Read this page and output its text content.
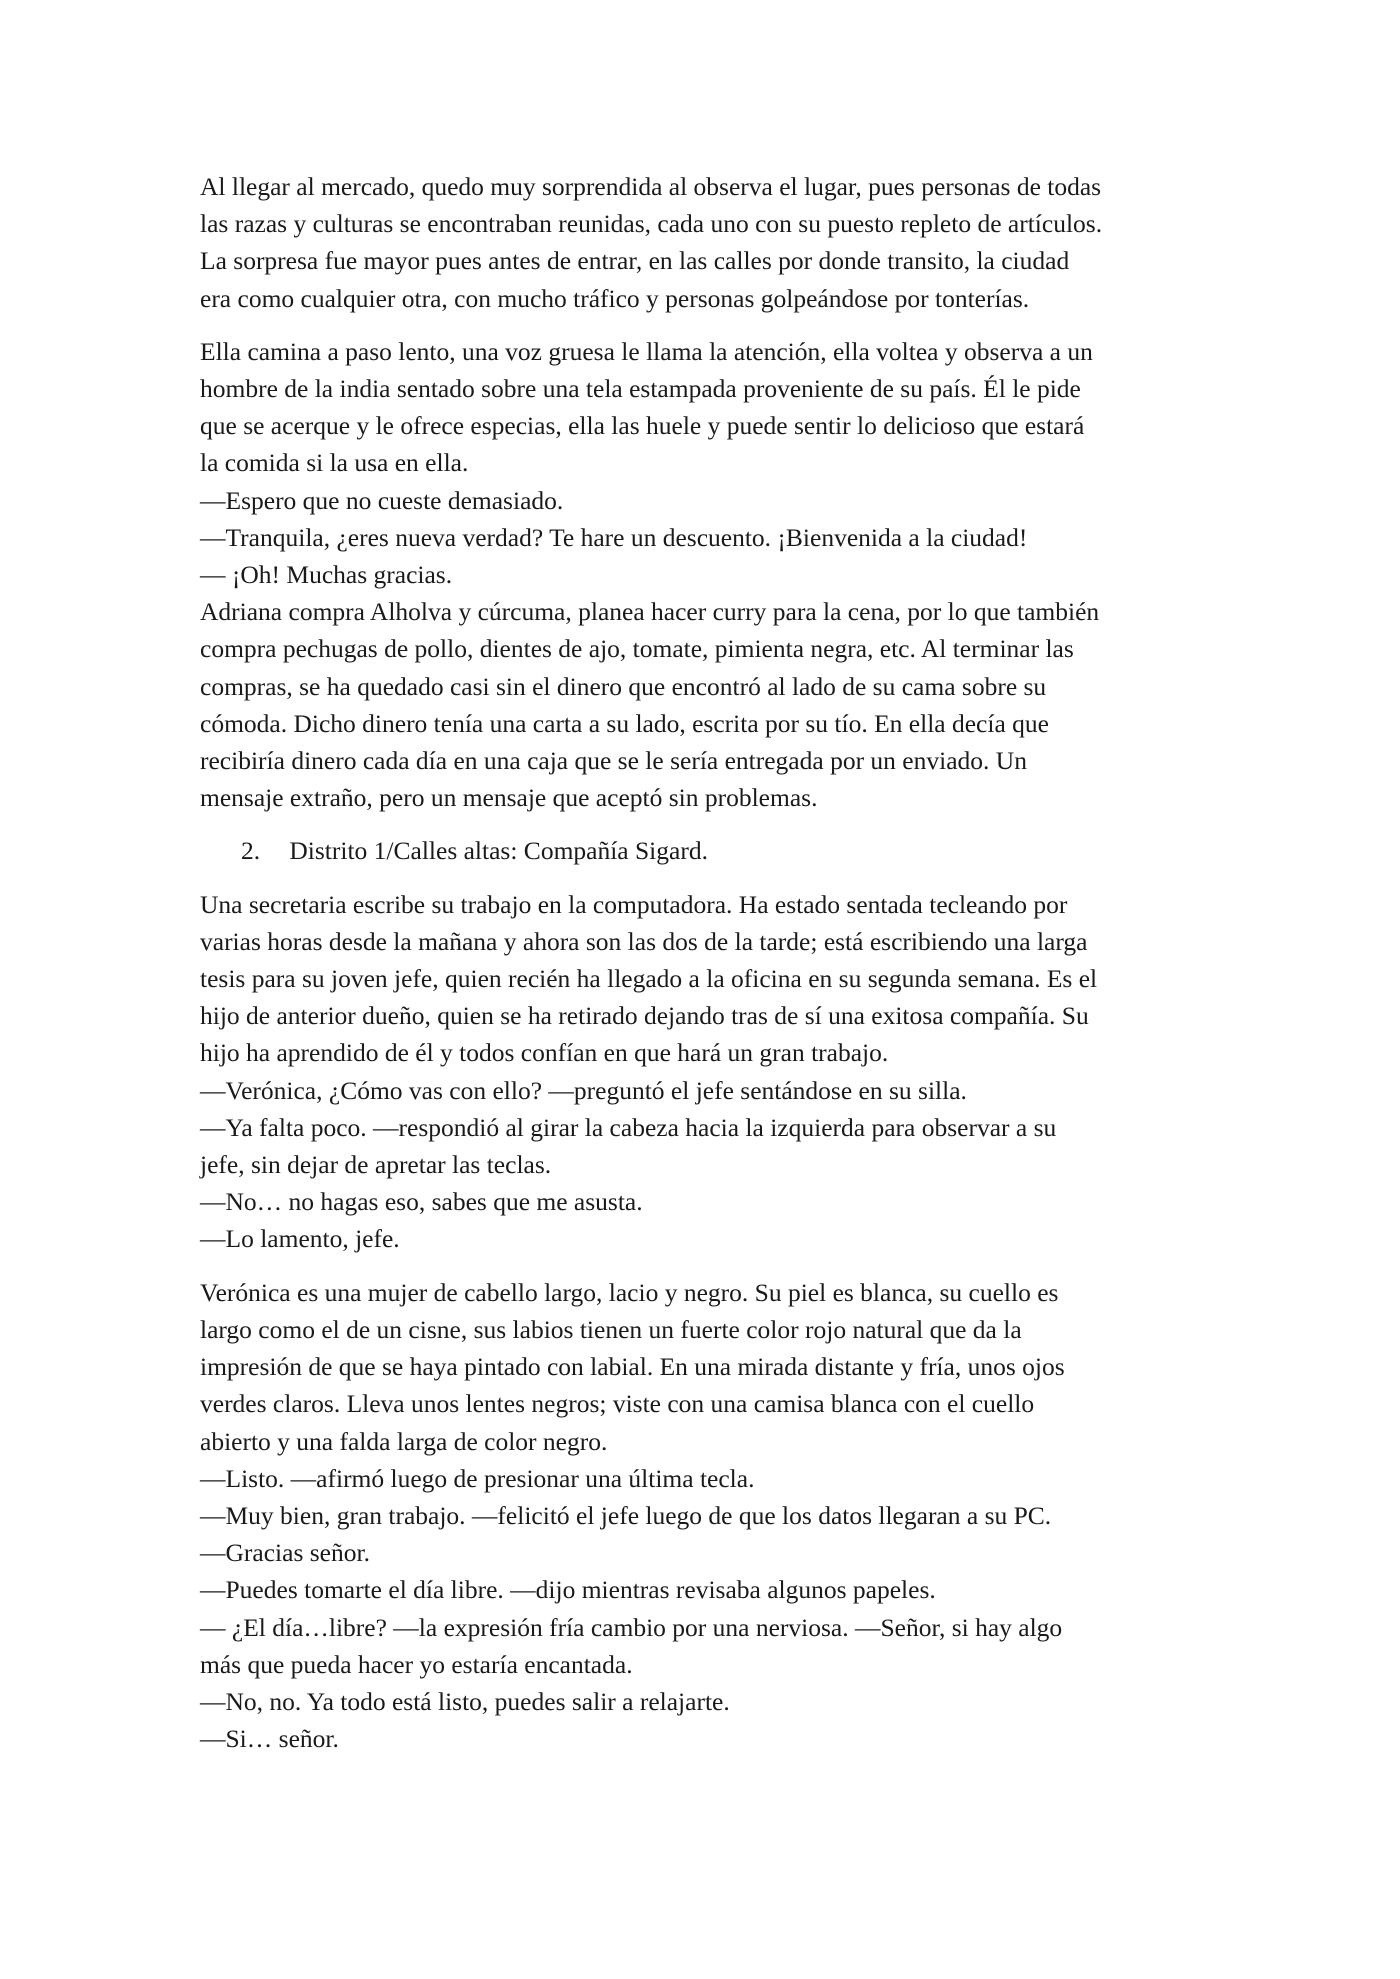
Al llegar al mercado, quedo muy sorprendida al observa el lugar, pues personas de todas
las razas y culturas se encontraban reunidas, cada uno con su puesto repleto de artículos.
La sorpresa fue mayor pues antes de entrar, en las calles por donde transito, la ciudad
era como cualquier otra, con mucho tráfico y personas golpeándose por tonterías.

Ella camina a paso lento, una voz gruesa le llama la atención, ella voltea y observa a un
hombre de la india sentado sobre una tela estampada proveniente de su país. Él le pide
que se acerque y le ofrece especias, ella las huele y puede sentir lo delicioso que estará
la comida si la usa en ella.
—Espero que no cueste demasiado.
—Tranquila, ¿eres nueva verdad? Te hare un descuento. ¡Bienvenida a la ciudad!
— ¡Oh! Muchas gracias.
Adriana compra Alholva y cúrcuma, planea hacer curry para la cena, por lo que también
compra pechugas de pollo, dientes de ajo, tomate, pimienta negra, etc. Al terminar las
compras, se ha quedado casi sin el dinero que encontró al lado de su cama sobre su
cómoda. Dicho dinero tenía una carta a su lado, escrita por su tío. En ella decía que
recibiría dinero cada día en una caja que se le sería entregada por un enviado. Un
mensaje extraño, pero un mensaje que aceptó sin problemas.

2. Distrito 1/Calles altas: Compañía Sigard.

Una secretaria escribe su trabajo en la computadora. Ha estado sentada tecleando por
varias horas desde la mañana y ahora son las dos de la tarde; está escribiendo una larga
tesis para su joven jefe, quien recién ha llegado a la oficina en su segunda semana. Es el
hijo de anterior dueño, quien se ha retirado dejando tras de sí una exitosa compañía. Su
hijo ha aprendido de él y todos confían en que hará un gran trabajo.
—Verónica, ¿Cómo vas con ello? —preguntó el jefe sentándose en su silla.
—Ya falta poco. —respondió al girar la cabeza hacia la izquierda para observar a su
jefe, sin dejar de apretar las teclas.
—No… no hagas eso, sabes que me asusta.
—Lo lamento, jefe.

Verónica es una mujer de cabello largo, lacio y negro. Su piel es blanca, su cuello es
largo como el de un cisne, sus labios tienen un fuerte color rojo natural que da la
impresión de que se haya pintado con labial. En una mirada distante y fría, unos ojos
verdes claros. Lleva unos lentes negros; viste con una camisa blanca con el cuello
abierto y una falda larga de color negro.
—Listo. —afirmó luego de presionar una última tecla.
—Muy bien, gran trabajo. —felicitó el jefe luego de que los datos llegaran a su PC.
—Gracias señor.
—Puedes tomarte el día libre. —dijo mientras revisaba algunos papeles.
— ¿El día…libre? —la expresión fría cambio por una nerviosa. —Señor, si hay algo
más que pueda hacer yo estaría encantada.
—No, no. Ya todo está listo, puedes salir a relajarte.
—Si… señor.
